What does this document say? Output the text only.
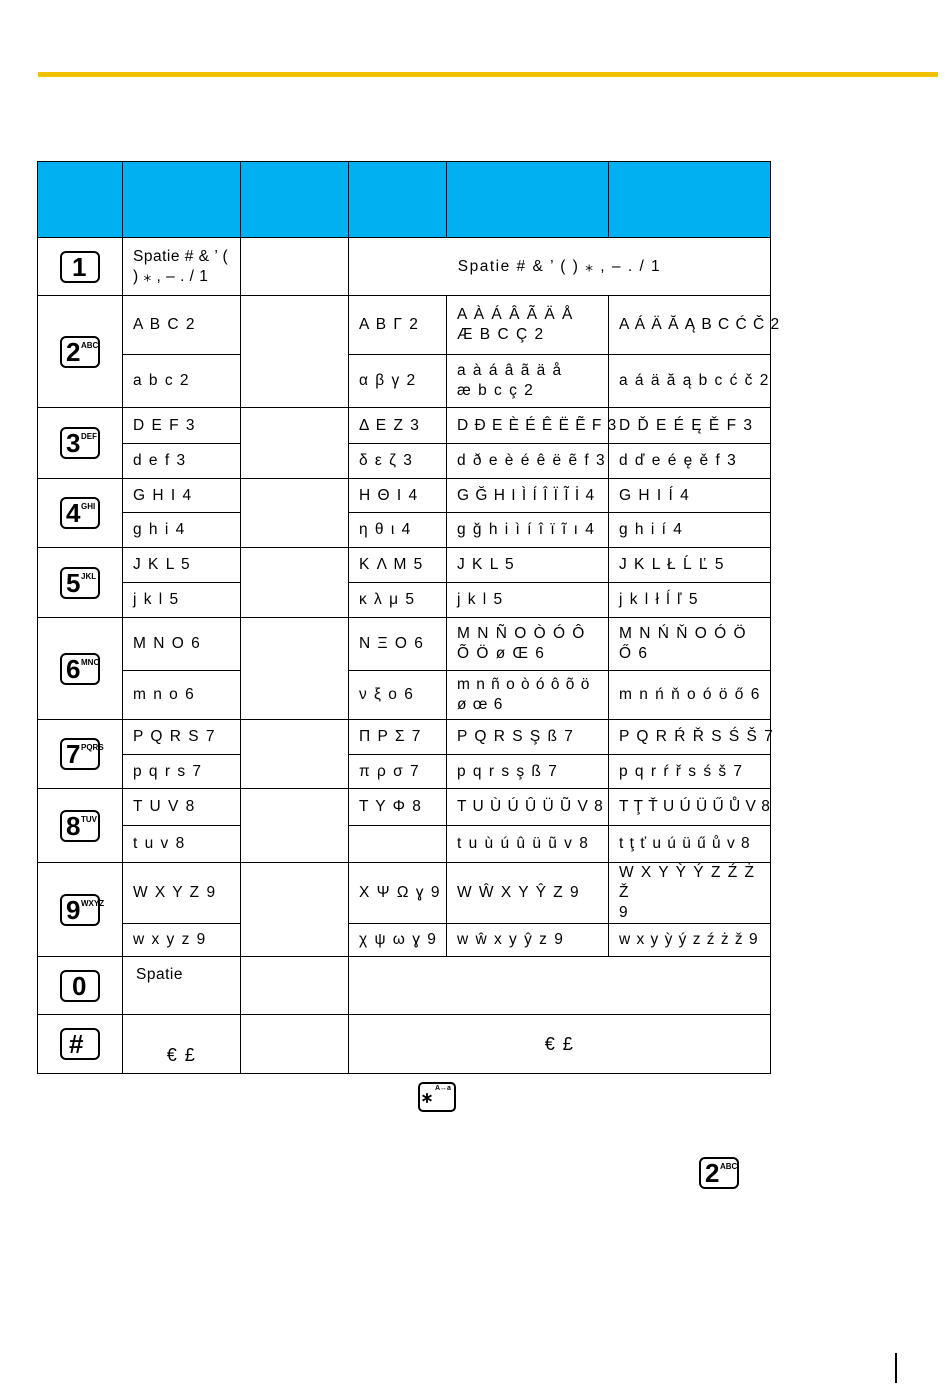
1	Spatie # & ’ ( ) ⁎ , – . / 1		Spatie # & ’ ( ) ⁎ , – . / 1		

2 ABC	A B C 2		A B Γ 2	A À Á Â Ã Ä Å
Æ B C Ç 2	A Á Ä Ă Ą B C Ć Č 2
	a b c 2		α β γ 2	a à á â ã ä å
æ b c ç 2	a á ä ă ą b c ć č 2

3 DEF	D E F 3		Δ E Z 3	D Đ E È É Ê Ë Ẽ F 3	D Ď E É Ę Ě F 3
	d e f 3		δ ε ζ 3	d ð e è é ê ë ẽ f 3	d ď e é ę ě f 3

4 GHI	G H I 4		H Θ I 4	G Ğ H I Ì Í Î Ï Ĩ İ 4	G H I Í 4
	g h i 4		η θ ι 4	g ğ h i ì í î ï ĩ ı 4	g h i í 4

5 JKL	J K L 5		K Λ M 5	J K L 5	J K L Ł Ĺ Ľ 5
	j k l 5		κ λ μ 5	j k l 5	j k l ł ĺ ľ 5

6 MNO	M N O 6		N Ξ Ο 6	M N Ñ O Ò Ó Ô
Õ Ö ø Œ 6	M N Ń Ň O Ó Ö
Ő 6
	m n o 6		ν ξ ο 6	m n ñ o ò ó ô õ ö
ø œ 6	m n ń ň o ó ö ő 6

7 PQRS	P Q R S 7		Π Ρ Σ 7	P Q R S Ş ß 7	P Q R Ŕ Ř S Ś Š 7
	p q r s 7		π ρ σ 7	p q r s ş ß 7	p q r ŕ ř s ś š 7

8 TUV	T U V 8		T Y Φ 8	T U Ù Ú Û Ü Ũ V 8	T Ţ Ť U Ú Ü Ű Ů V 8
	t u v 8			t u ù ú û ü ũ v 8	t ţ ť u ú ü ű ů v 8

9 WXYZ	W X Y Z 9		X Ψ Ω ɣ 9	W Ŵ X Y Ŷ Z 9	W X Y Ỳ Ý Z Ź Ż Ž
9
	w x y z 9		χ ψ ω ɣ 9	w ŵ x y ŷ z 9	w x y ỳ ý z ź ż ž 9

0	Spatie				

#	€ £		€ £		
⁎ A↔a
2 ABC
